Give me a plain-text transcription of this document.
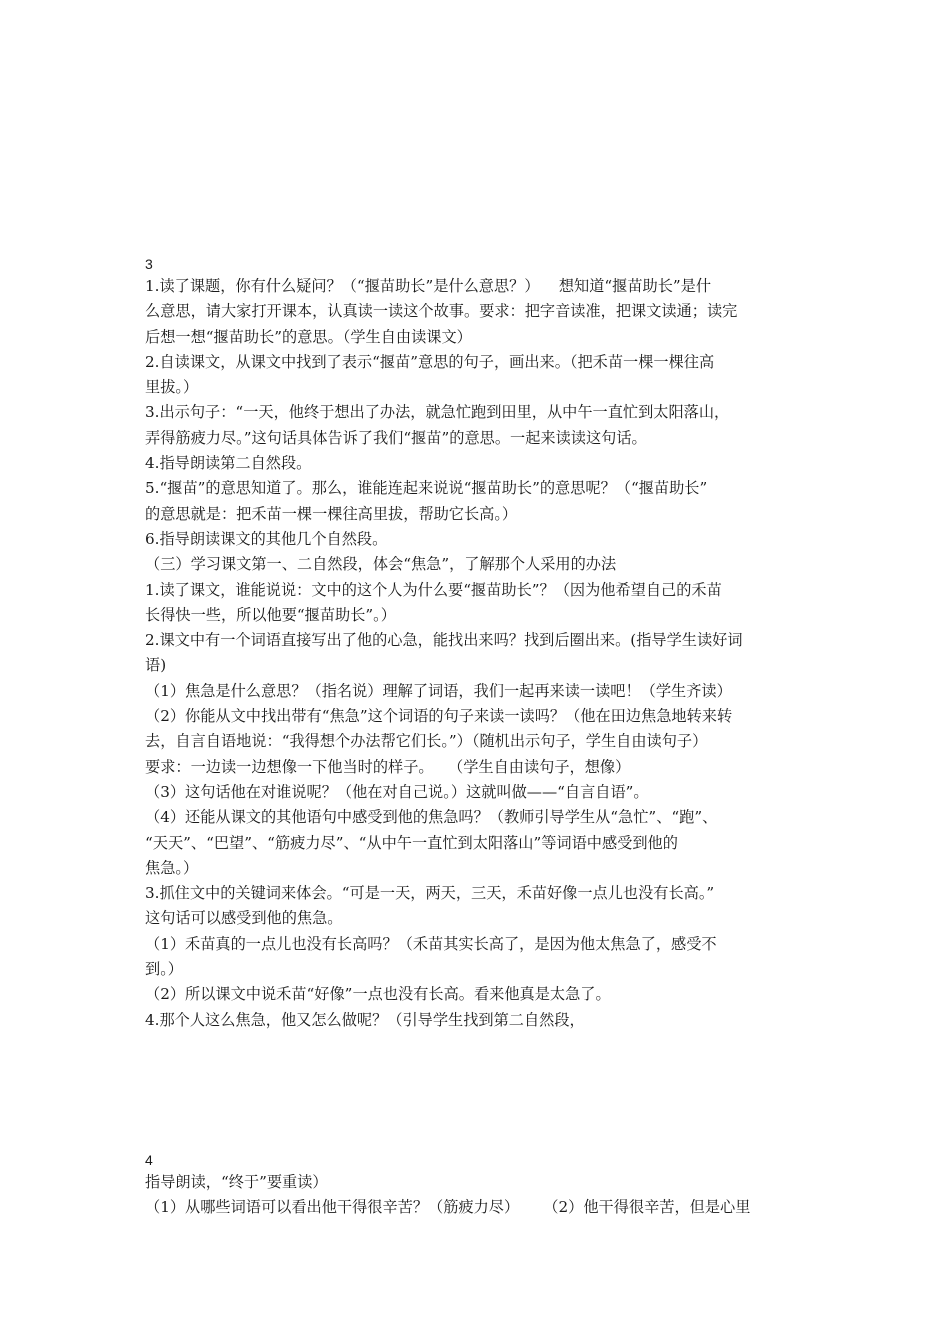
3
1.读了课题，你有什么疑问？（“揠苗助长”是什么意思？）    想知道“揠苗助长”是什
么意思，请大家打开课本，认真读一读这个故事。要求：把字音读准，把课文读通；读完
后想一想“揠苗助长”的意思。（学生自由读课文）
2.自读课文，从课文中找到了表示“揠苗”意思的句子，画出来。（把禾苗一棵一棵往高
里拔。）
3.出示句子：“一天，他终于想出了办法，就急忙跑到田里，从中午一直忙到太阳落山，
弄得筋疲力尽。”这句话具体告诉了我们“揠苗”的意思。一起来读读这句话。
4.指导朗读第二自然段。
5.“揠苗”的意思知道了。那么，谁能连起来说说“揠苗助长”的意思呢？（“揠苗助长”
的意思就是：把禾苗一棵一棵往高里拔，帮助它长高。）
6.指导朗读课文的其他几个自然段。
（三）学习课文第一、二自然段，体会“焦急”，了解那个人采用的办法
1.读了课文，谁能说说：文中的这个人为什么要“揠苗助长”？（因为他希望自己的禾苗
长得快一些，所以他要“揠苗助长”。）
2.课文中有一个词语直接写出了他的心急，能找出来吗？找到后圈出来。(指导学生读好词
语)
（1）焦急是什么意思？（指名说）理解了词语，我们一起再来读一读吧！（学生齐读）
（2）你能从文中找出带有“焦急”这个词语的句子来读一读吗？（他在田边焦急地转来转
去，自言自语地说：“我得想个办法帮它们长。”）（随机出示句子，学生自由读句子）
要求：一边读一边想像一下他当时的样子。   （学生自由读句子，想像）
（3）这句话他在对谁说呢？（他在对自己说。）这就叫做——“自言自语”。
（4）还能从课文的其他语句中感受到他的焦急吗？（教师引导学生从“急忙”、“跑”、
“天天”、“巴望”、“筋疲力尽”、“从中午一直忙到太阳落山”等词语中感受到他的
焦急。）
3.抓住文中的关键词来体会。“可是一天，两天，三天，禾苗好像一点儿也没有长高。”
这句话可以感受到他的焦急。
（1）禾苗真的一点儿也没有长高吗？（禾苗其实长高了，是因为他太焦急了，感受不
到。）
（2）所以课文中说禾苗“好像”一点也没有长高。看来他真是太急了。
4.那个人这么焦急，他又怎么做呢？（引导学生找到第二自然段，
4
指导朗读，“终于”要重读）
（1）从哪些词语可以看出他干得很辛苦？（筋疲力尽）     （2）他干得很辛苦，但是心里
